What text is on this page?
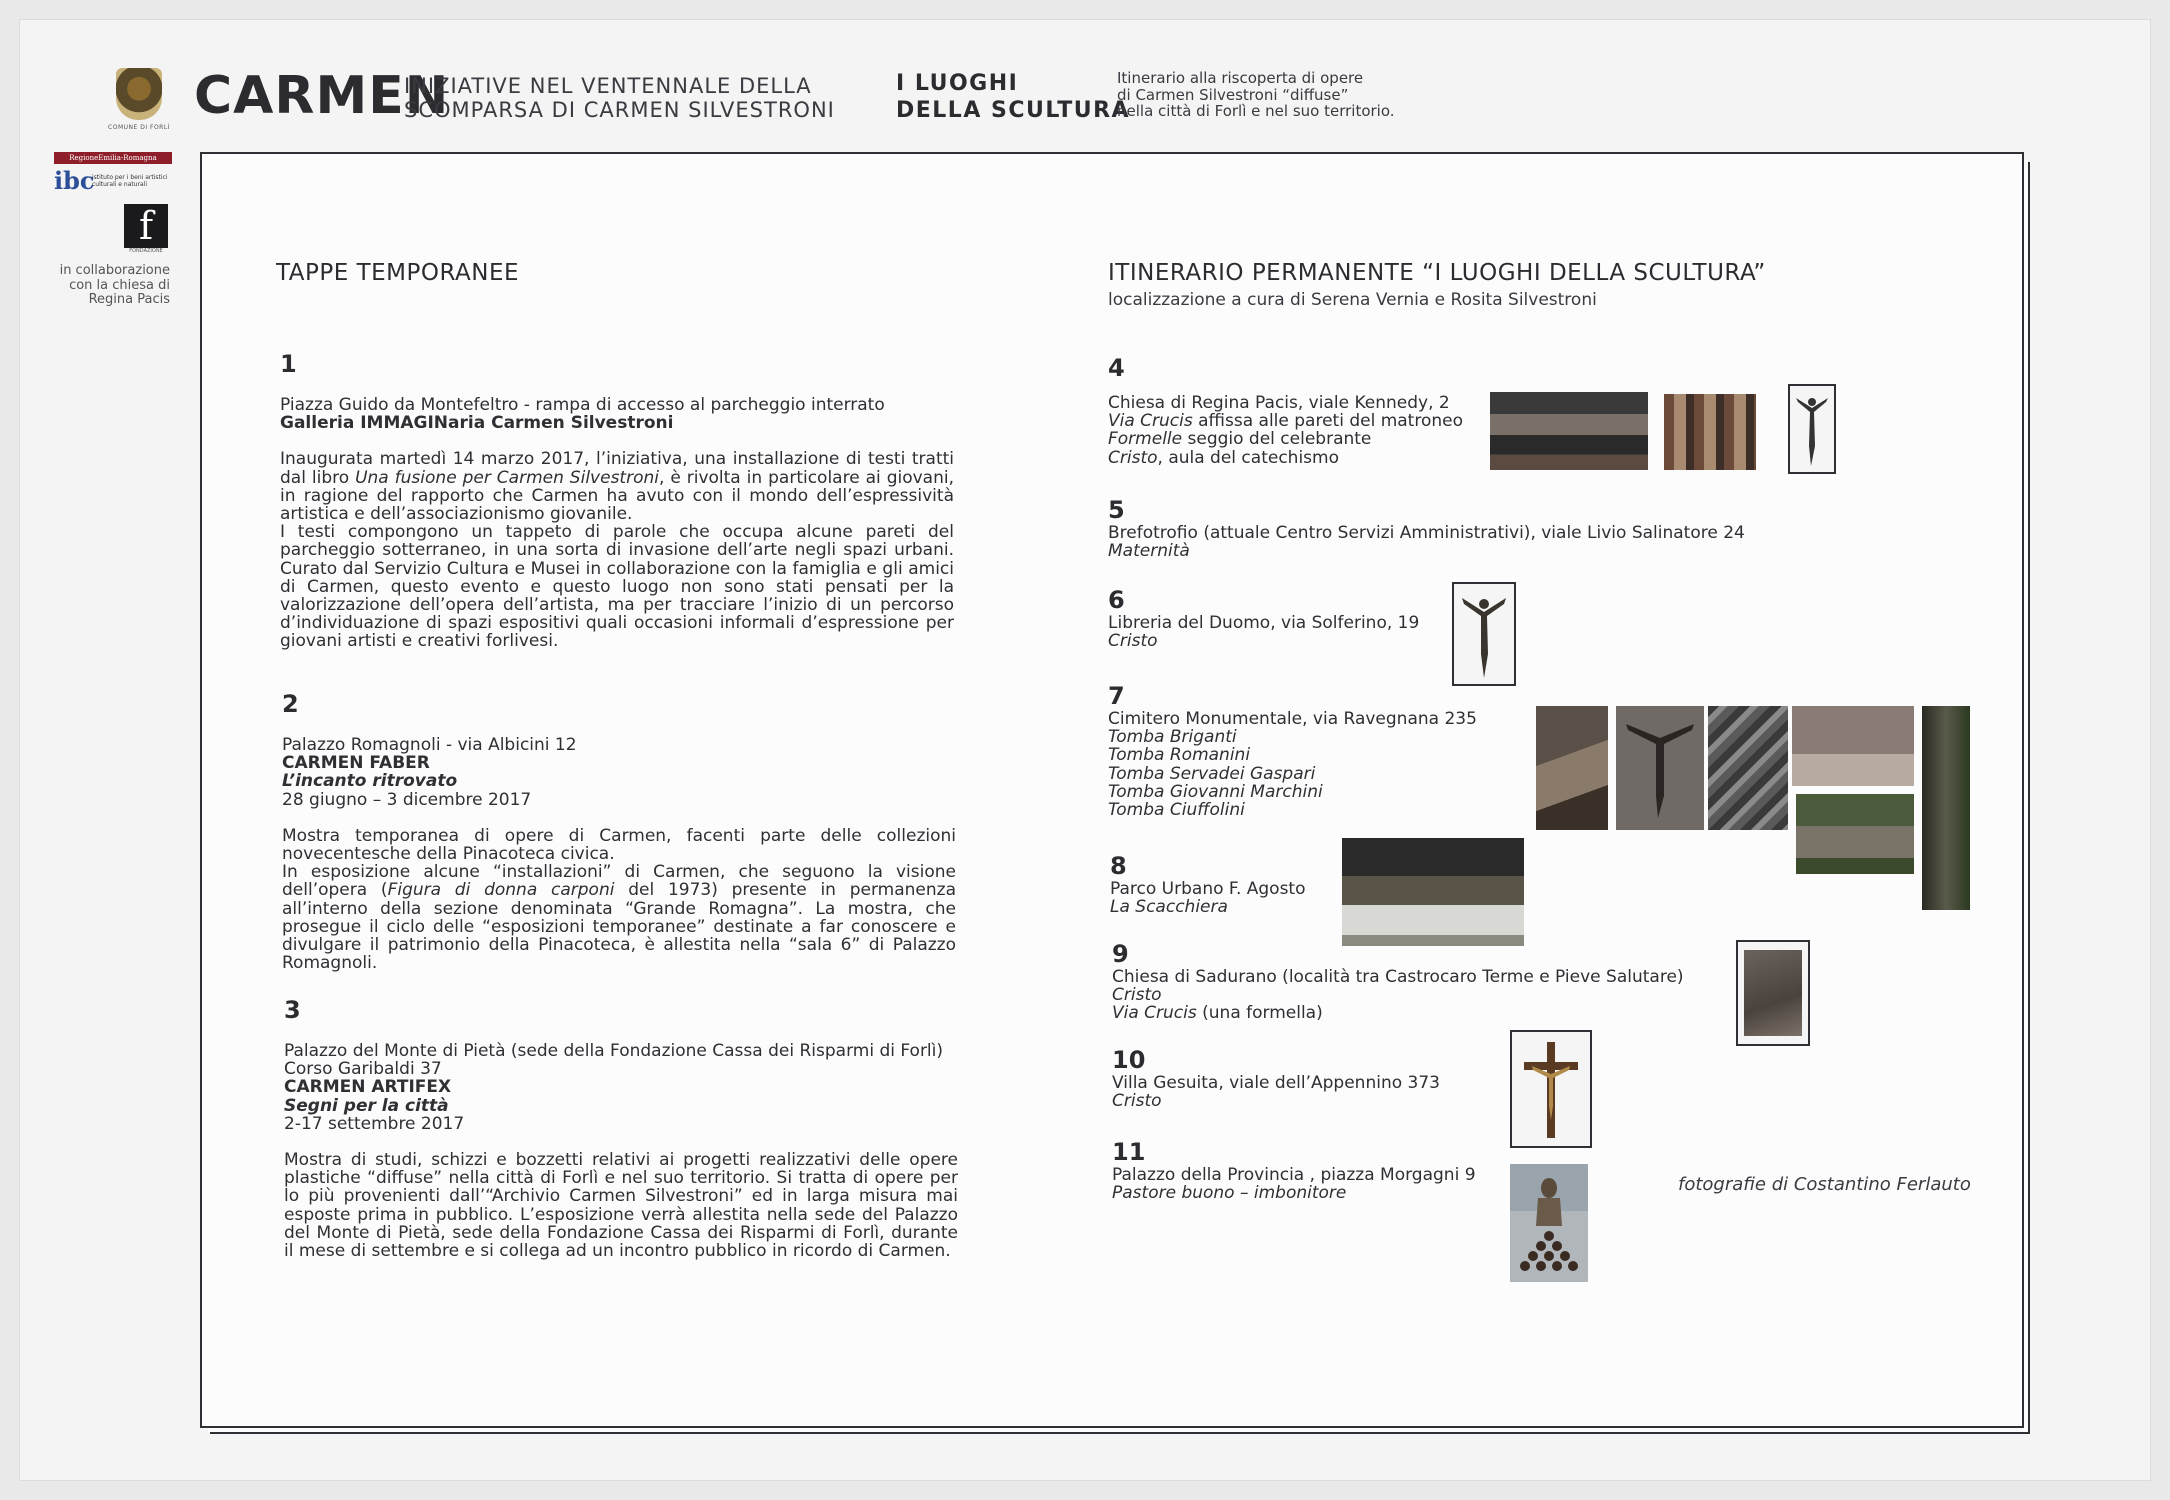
COMUNE DI FORLÌ
CARMEN
INIZIATIVE NEL VENTENNALE DELLA
SCOMPARSA DI CARMEN SILVESTRONI
I LUOGHI
DELLA SCULTURA
Itinerario alla riscoperta di opere
di Carmen Silvestroni “diffuse”
nella città di Forlì e nel suo territorio.
RegioneEmilia-Romagna
ibc
istituto per i beni artistici culturali e naturali
f
FONDAZIONE
in collaborazione
con la chiesa di
Regina Pacis
TAPPE TEMPORANEE
1
Piazza Guido da Montefeltro - rampa di accesso al parcheggio interrato
Galleria IMMAGINaria Carmen Silvestroni
Inaugurata martedì 14 marzo 2017, l’iniziativa, una installazione di testi tratti dal libro Una fusione per Carmen Silvestroni, è rivolta in particolare ai giovani, in ragione del rapporto che Carmen ha avuto con il mondo dell’espressività artistica e dell’associazionismo giovanile.
I testi compongono un tappeto di parole che occupa alcune pareti del parcheggio sotterraneo, in una sorta di invasione dell’arte negli spazi urbani. Curato dal Servizio Cultura e Musei in collaborazione con la famiglia e gli amici di Carmen, questo evento e questo luogo non sono stati pensati per la valorizzazione dell’opera dell’artista, ma per tracciare l’inizio di un percorso d’individuazione di spazi espositivi quali occasioni informali d’espressione per giovani artisti e creativi forlivesi.
2
Palazzo Romagnoli - via Albicini 12
CARMEN FABER
L’incanto ritrovato
28 giugno – 3 dicembre 2017
Mostra temporanea di opere di Carmen, facenti parte delle collezioni novecentesche della Pinacoteca civica.
In esposizione alcune “installazioni” di Carmen, che seguono la visione dell’opera (Figura di donna carponi del 1973) presente in permanenza all’interno della sezione denominata “Grande Romagna”. La mostra, che prosegue il ciclo delle “esposizioni temporanee” destinate a far conoscere e divulgare il patrimonio della Pinacoteca, è allestita nella “sala 6” di Palazzo Romagnoli.
3
Palazzo del Monte di Pietà (sede della Fondazione Cassa dei Risparmi di Forlì)
Corso Garibaldi 37
CARMEN ARTIFEX
Segni per la città
2-17 settembre 2017
Mostra di studi, schizzi e bozzetti relativi ai progetti realizzativi delle opere plastiche “diffuse” nella città di Forlì e nel suo territorio. Si tratta di opere per lo più provenienti dall’“Archivio Carmen Silvestroni” ed in larga misura mai esposte prima in pubblico. L’esposizione verrà allestita nella sede del Palazzo del Monte di Pietà, sede della Fondazione Cassa dei Risparmi di Forlì, durante il mese di settembre e si collega ad un incontro pubblico in ricordo di Carmen.
ITINERARIO PERMANENTE “I LUOGHI DELLA SCULTURA”
localizzazione a cura di Serena Vernia e Rosita Silvestroni
4
Chiesa di Regina Pacis, viale Kennedy, 2
Via Crucis affissa alle pareti del matroneo
Formelle seggio del celebrante
Cristo, aula del catechismo
5
Brefotrofio (attuale Centro Servizi Amministrativi), viale Livio Salinatore 24
Maternità
6
Libreria del Duomo, via Solferino, 19
Cristo
7
Cimitero Monumentale, via Ravegnana 235
Tomba Briganti
Tomba Romanini
Tomba Servadei Gaspari
Tomba Giovanni Marchini
Tomba Ciuffolini
8
Parco Urbano F. Agosto
La Scacchiera
9
Chiesa di Sadurano (località tra Castrocaro Terme e Pieve Salutare)
Cristo
Via Crucis (una formella)
10
Villa Gesuita, viale dell’Appennino 373
Cristo
11
Palazzo della Provincia , piazza Morgagni 9
Pastore buono – imbonitore	fotografie di Costantino Ferlauto
